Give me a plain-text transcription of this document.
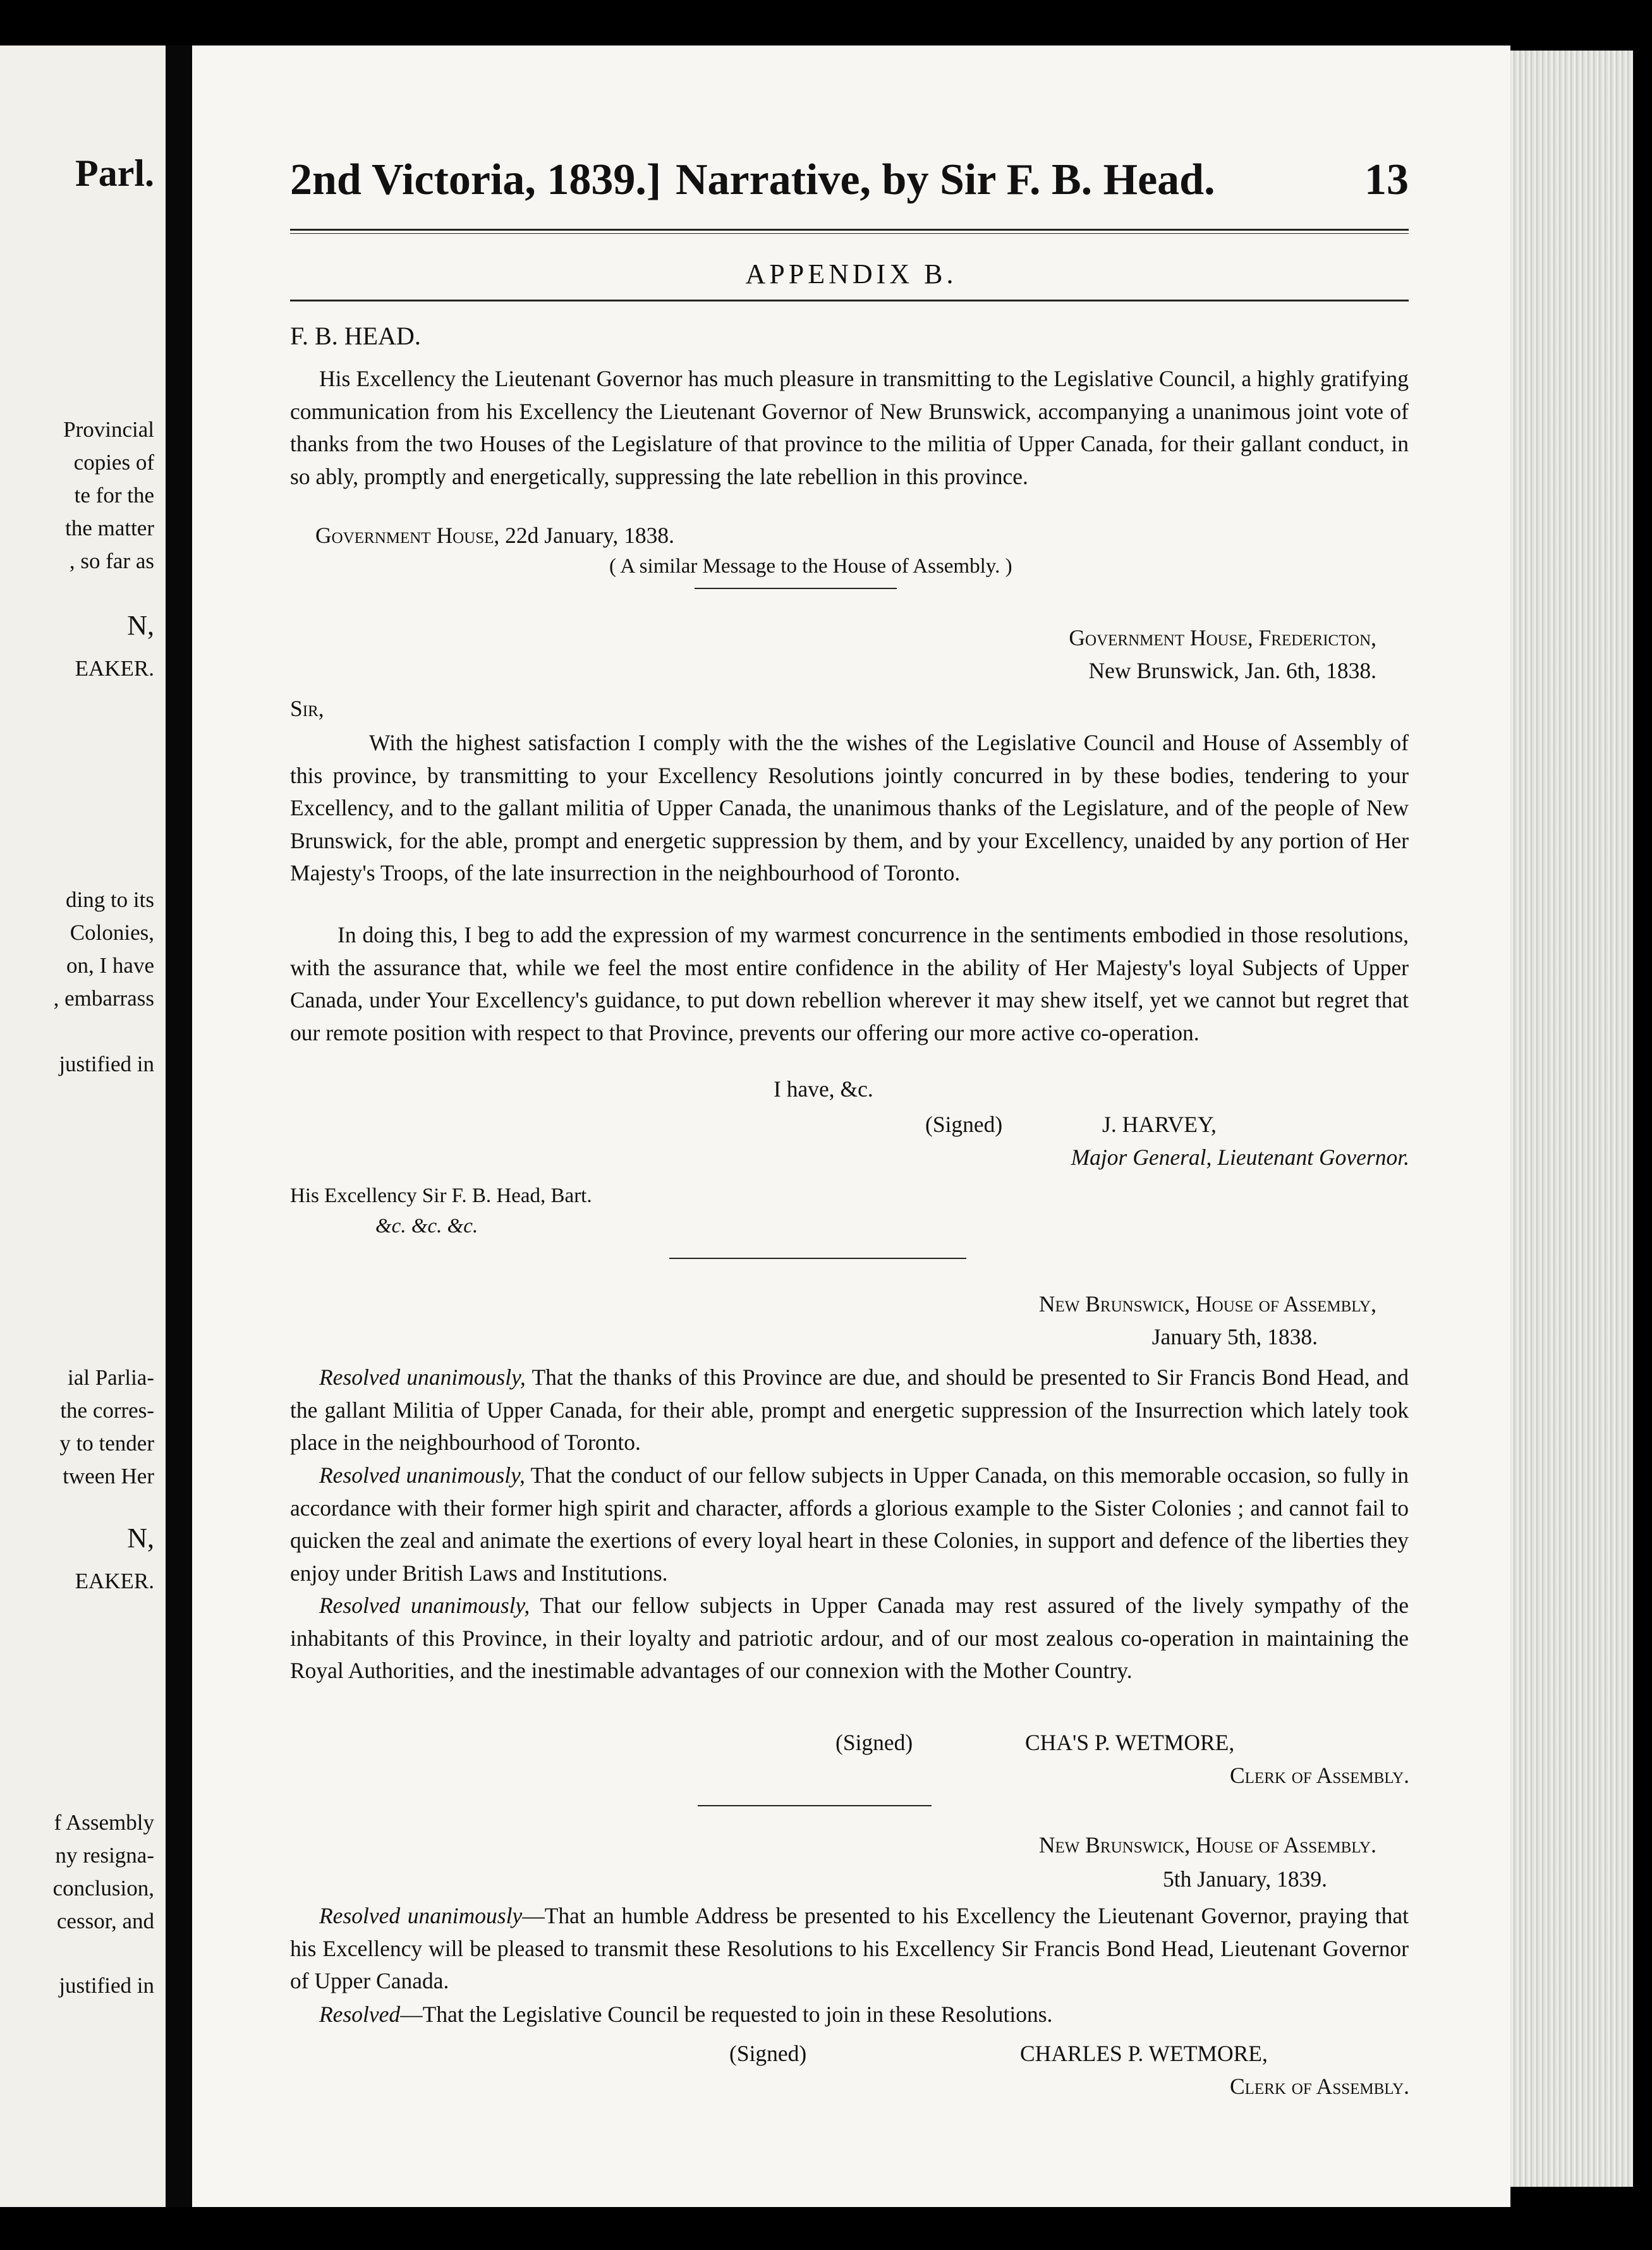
Parl.
Provincial
copies of
te for the
the matter
, so far as
N,
EAKER.
ding to its
Colonies,
on, I have
, embarrass
justified in
ial Parlia-
the corres-
y to tender
tween Her
N,
EAKER.
f Assembly
ny resigna-
conclusion,
cessor, and
justified in
2nd Victoria, 1839.] Narrative, by Sir F. B. Head.	13
APPENDIX B.
F. B. HEAD.
His Excellency the Lieutenant Governor has much pleasure in transmitting to the Legislative Council, a highly gratifying communication from his Excellency the Lieutenant Governor of New Brunswick, accompanying a unanimous joint vote of thanks from the two Houses of the Legislature of that province to the militia of Upper Canada, for their gallant conduct, in so ably, promptly and energetically, suppressing the late rebellion in this province.
Government House, 22d January, 1838.
( A similar Message to the House of Assembly. )
Government House, Fredericton,
New Brunswick, Jan. 6th, 1838.
Sir,
With the highest satisfaction I comply with the the wishes of the Legislative Council and House of Assembly of this province, by transmitting to your Excellency Resolutions jointly concurred in by these bodies, tendering to your Excellency, and to the gallant militia of Upper Canada, the unanimous thanks of the Legislature, and of the people of New Brunswick, for the able, prompt and energetic suppression by them, and by your Excellency, unaided by any portion of Her Majesty's Troops, of the late insurrection in the neighbourhood of Toronto.
In doing this, I beg to add the expression of my warmest concurrence in the sentiments embodied in those resolutions, with the assurance that, while we feel the most entire confidence in the ability of Her Majesty's loyal Subjects of Upper Canada, under Your Excellency's guidance, to put down rebellion wherever it may shew itself, yet we cannot but regret that our remote position with respect to that Province, prevents our offering our more active co-operation.
I have, &c.
(Signed)	J. HARVEY,
Major General, Lieutenant Governor.
His Excellency Sir F. B. Head, Bart.
&c. &c. &c.
New Brunswick, House of Assembly,
January 5th, 1838.
Resolved unanimously, That the thanks of this Province are due, and should be presented to Sir Francis Bond Head, and the gallant Militia of Upper Canada, for their able, prompt and energetic suppression of the Insurrection which lately took place in the neighbourhood of Toronto.
Resolved unanimously, That the conduct of our fellow subjects in Upper Canada, on this memorable occasion, so fully in accordance with their former high spirit and character, affords a glorious example to the Sister Colonies ; and cannot fail to quicken the zeal and animate the exertions of every loyal heart in these Colonies, in support and defence of the liberties they enjoy under British Laws and Institutions.
Resolved unanimously, That our fellow subjects in Upper Canada may rest assured of the lively sympathy of the inhabitants of this Province, in their loyalty and patriotic ardour, and of our most zealous co-operation in maintaining the Royal Authorities, and the inestimable advantages of our connexion with the Mother Country.
(Signed)	CHA'S P. WETMORE,
Clerk of Assembly.
New Brunswick, House of Assembly.
5th January, 1839.
Resolved unanimously—That an humble Address be presented to his Excellency the Lieutenant Governor, praying that his Excellency will be pleased to transmit these Resolutions to his Excellency Sir Francis Bond Head, Lieutenant Governor of Upper Canada.
Resolved—That the Legislative Council be requested to join in these Resolutions.
(Signed)	CHARLES P. WETMORE,
Clerk of Assembly.
